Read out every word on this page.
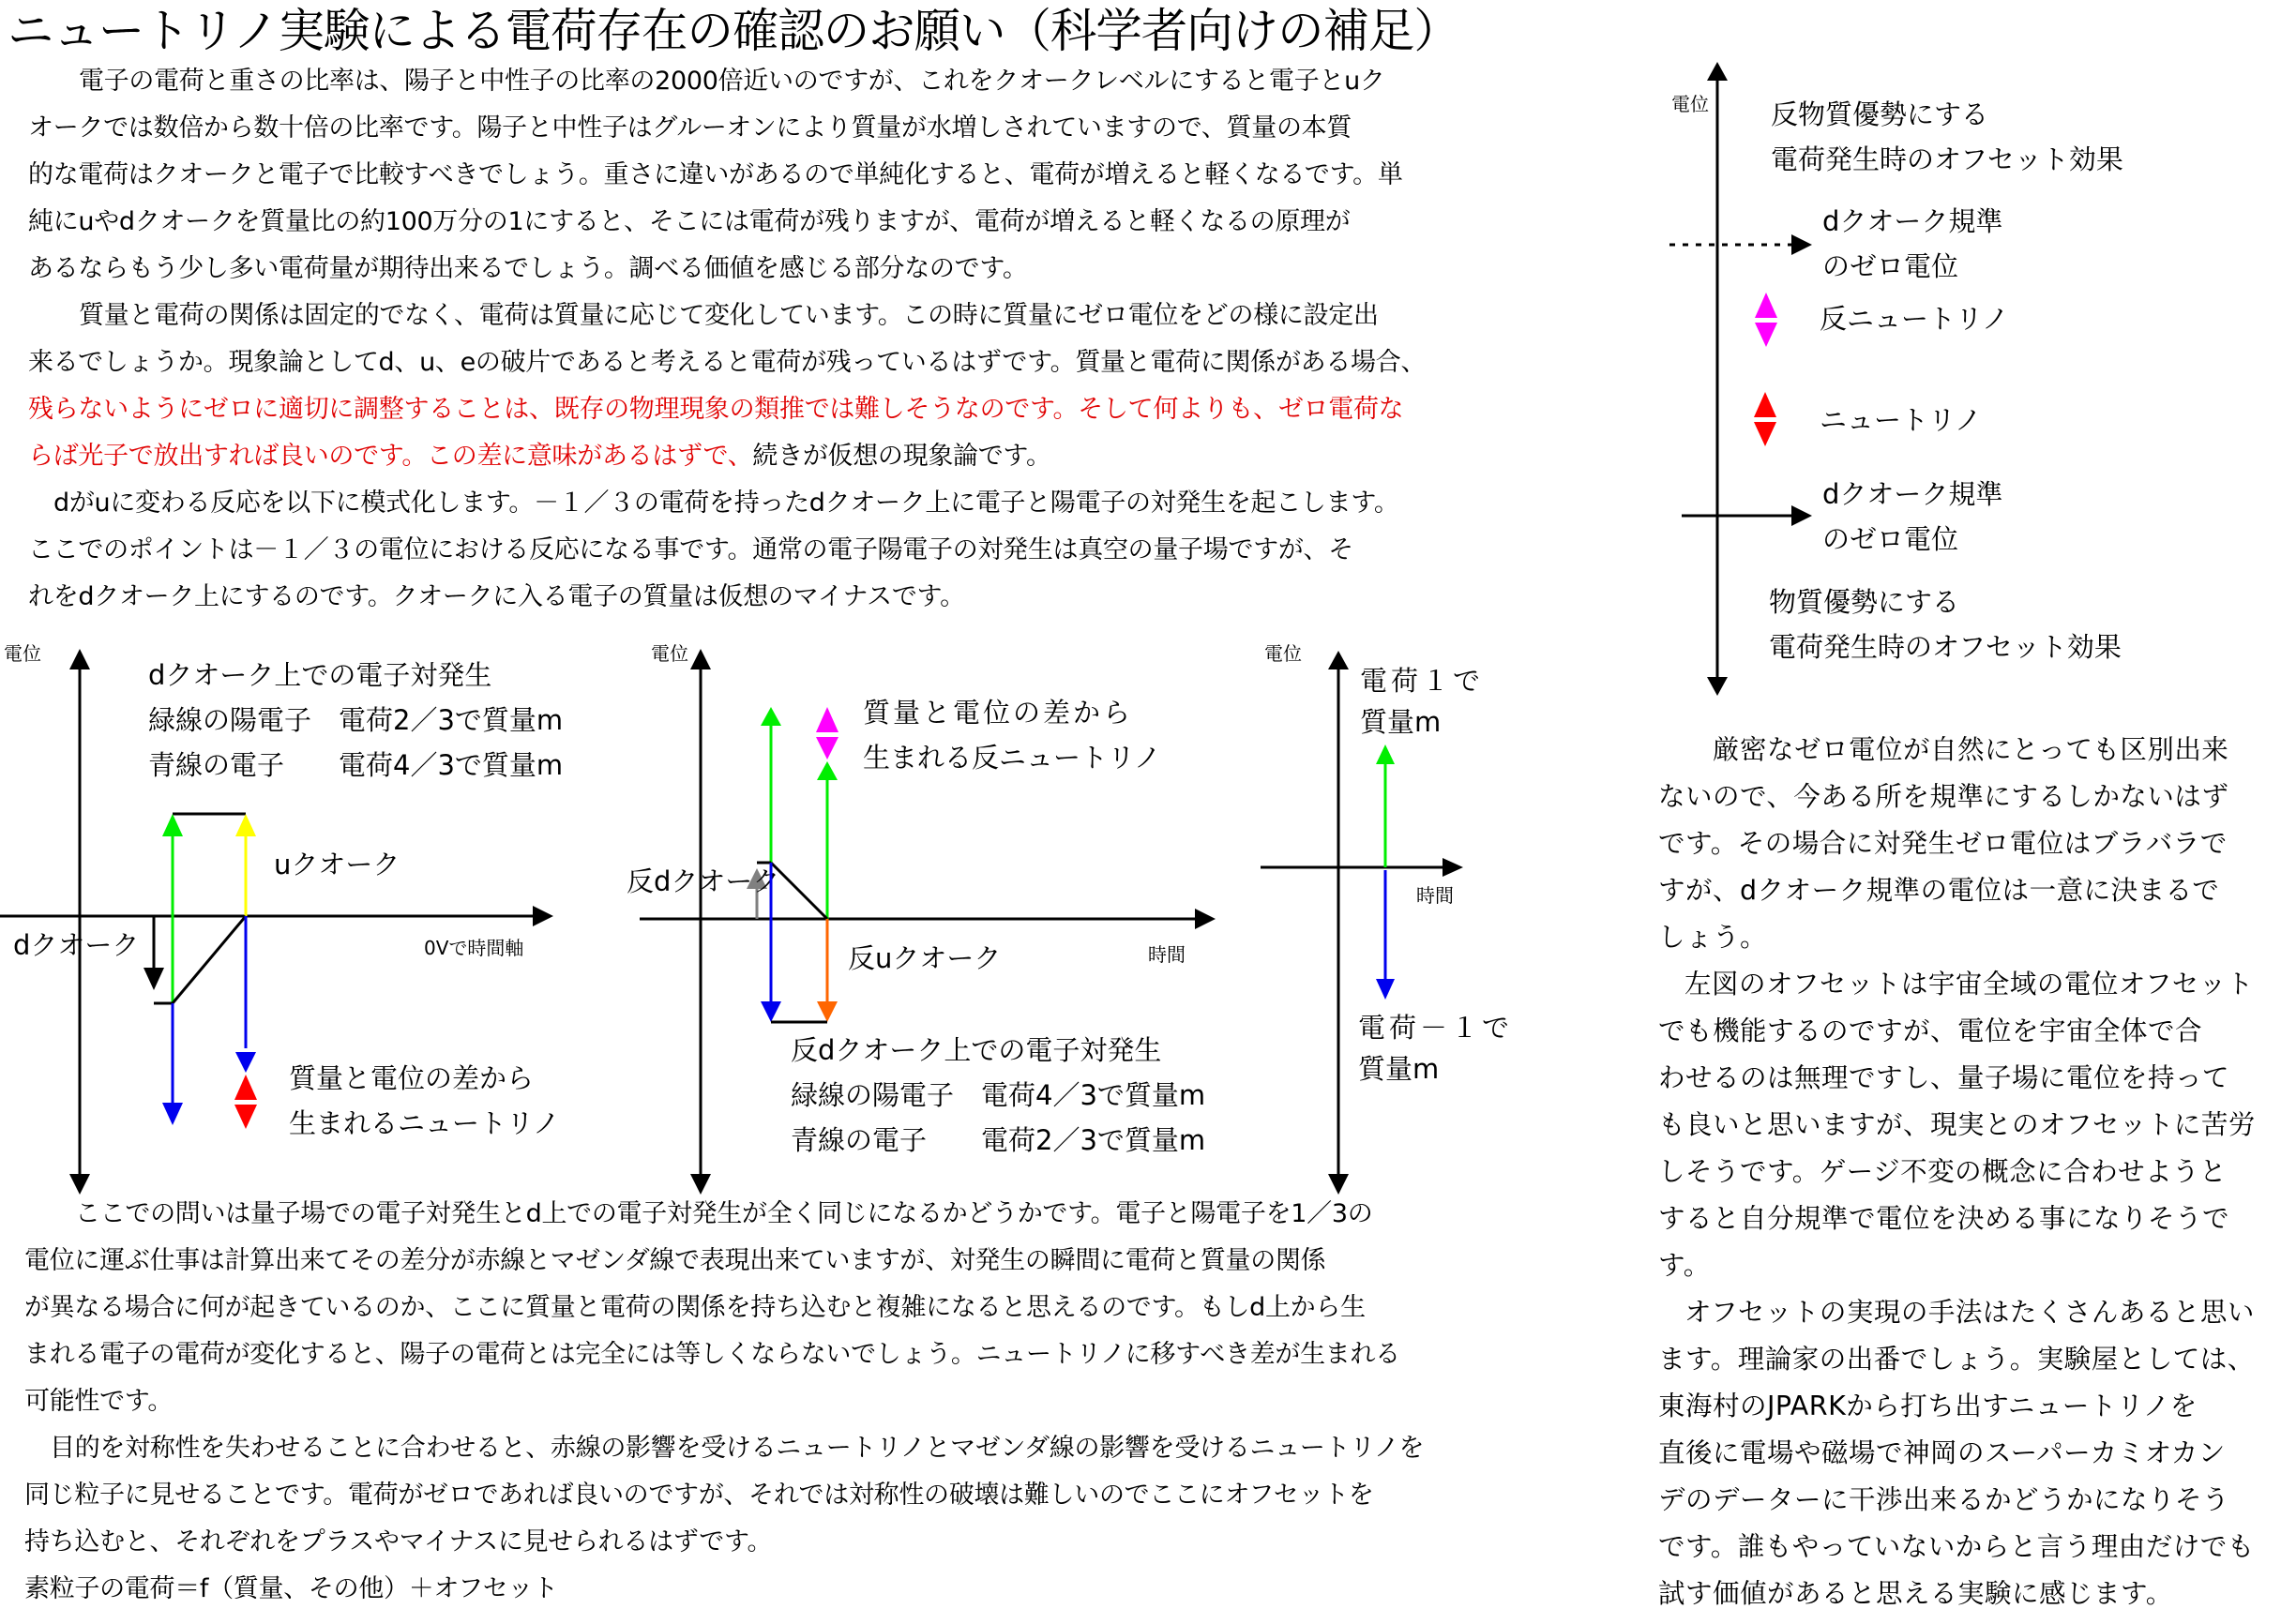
ニュートリノ実験による電荷存在の確認のお願い（科学者向けの補足）
電子の電荷と重さの比率は、陽子と中性子の比率の2000倍近いのですが、これをクオークレベルにすると電子とuク
オークでは数倍から数十倍の比率です。陽子と中性子はグルーオンにより質量が水増しされていますので、質量の本質
的な電荷はクオークと電子で比較すべきでしょう。重さに違いがあるので単純化すると、電荷が増えると軽くなるです。単
純にuやdクオークを質量比の約100万分の1にすると、そこには電荷が残りますが、電荷が増えると軽くなるの原理が
あるならもう少し多い電荷量が期待出来るでしょう。調べる価値を感じる部分なのです。
質量と電荷の関係は固定的でなく、電荷は質量に応じて変化しています。この時に質量にゼロ電位をどの様に設定出
来るでしょうか。現象論としてd、u、eの破片であると考えると電荷が残っているはずです。質量と電荷に関係がある場合、
残らないようにゼロに適切に調整することは、既存の物理現象の類推では難しそうなのです。そして何よりも、ゼロ電荷な
らば光子で放出すれば良いのです。この差に意味があるはずで、続きが仮想の現象論です。
dがuに変わる反応を以下に模式化します。－１／３の電荷を持ったdクオーク上に電子と陽電子の対発生を起こします。
ここでのポイントは－１／３の電位における反応になる事です。通常の電子陽電子の対発生は真空の量子場ですが、そ
れをdクオーク上にするのです。クオークに入る電子の質量は仮想のマイナスです。
電位
dクオーク上での電子対発生
緑線の陽電子　電荷2／3で質量m
青線の電子　　電荷4／3で質量m
uクオーク
dクオーク	0Vで時間軸
質量と電位の差から
生まれるニュートリノ
電位
時間
質量と電位の差から
生まれる反ニュートリノ
反dクオーク
反uクオーク
反dクオーク上での電子対発生
緑線の陽電子　電荷4／3で質量m
青線の電子　　電荷2／3で質量m
電位
時間
電荷１で
質量m
電荷－１で
質量m
ここでの問いは量子場での電子対発生とd上での電子対発生が全く同じになるかどうかです。電子と陽電子を1／3の
電位に運ぶ仕事は計算出来てその差分が赤線とマゼンダ線で表現出来ていますが、対発生の瞬間に電荷と質量の関係
が異なる場合に何が起きているのか、ここに質量と電荷の関係を持ち込むと複雑になると思えるのです。もしd上から生
まれる電子の電荷が変化すると、陽子の電荷とは完全には等しくならないでしょう。ニュートリノに移すべき差が生まれる
可能性です。
目的を対称性を失わせることに合わせると、赤線の影響を受けるニュートリノとマゼンダ線の影響を受けるニュートリノを
同じ粒子に見せることです。電荷がゼロであれば良いのですが、それでは対称性の破壊は難しいのでここにオフセットを
持ち込むと、それぞれをプラスやマイナスに見せられるはずです。
素粒子の電荷＝f（質量、その他）＋オフセット
電位 反物質優勢にする
電荷発生時のオフセット効果
dクオーク規準
のゼロ電位
反ニュートリノ
ニュートリノ
dクオーク規準
のゼロ電位
物質優勢にする
電荷発生時のオフセット効果
厳密なゼロ電位が自然にとっても区別出来
ないので、今ある所を規準にするしかないはず
です。その場合に対発生ゼロ電位はブラバラで
すが、dクオーク規準の電位は一意に決まるで
しょう。
左図のオフセットは宇宙全域の電位オフセット
でも機能するのですが、電位を宇宙全体で合
わせるのは無理ですし、量子場に電位を持って
も良いと思いますが、現実とのオフセットに苦労
しそうです。ゲージ不変の概念に合わせようと
すると自分規準で電位を決める事になりそうで
す。
オフセットの実現の手法はたくさんあると思い
ます。理論家の出番でしょう。実験屋としては、
東海村のJPARKから打ち出すニュートリノを
直後に電場や磁場で神岡のスーパーカミオカン
デのデーターに干渉出来るかどうかになりそう
です。誰もやっていないからと言う理由だけでも
試す価値があると思える実験に感じます。
